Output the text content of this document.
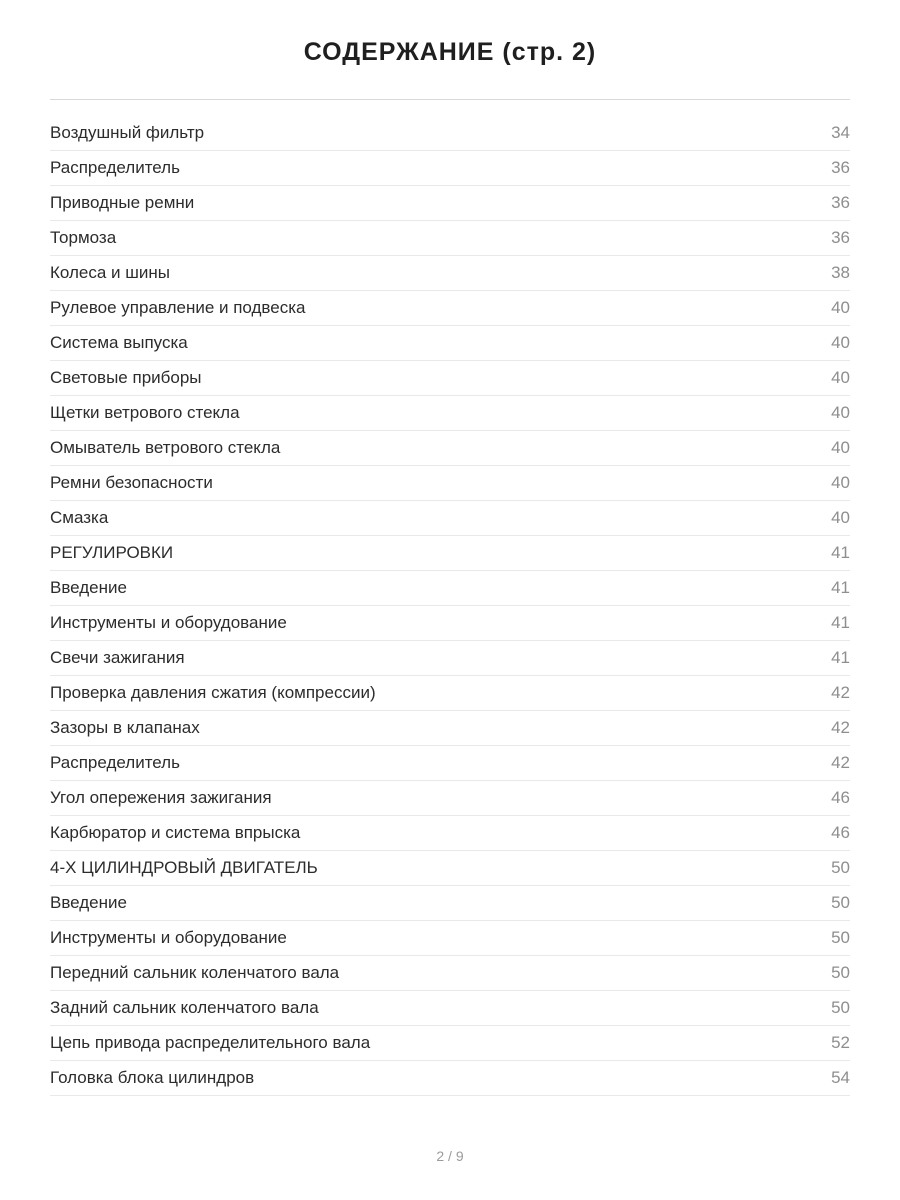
СОДЕРЖАНИЕ (стр. 2)
Воздушный фильтр	34
Распределитель	36
Приводные ремни	36
Тормоза	36
Колеса и шины	38
Рулевое управление и подвеска	40
Система выпуска	40
Световые приборы	40
Щетки ветрового стекла	40
Омыватель ветрового стекла	40
Ремни безопасности	40
Смазка	40
РЕГУЛИРОВКИ	41
Введение	41
Инструменты и оборудование	41
Свечи зажигания	41
Проверка давления сжатия (компрессии)	42
Зазоры в клапанах	42
Распределитель	42
Угол опережения зажигания	46
Карбюратор и система впрыска	46
4-Х ЦИЛИНДРОВЫЙ ДВИГАТЕЛЬ	50
Введение	50
Инструменты и оборудование	50
Передний сальник коленчатого вала	50
Задний сальник коленчатого вала	50
Цепь привода распределительного вала	52
Головка блока цилиндров	54
2 / 9
